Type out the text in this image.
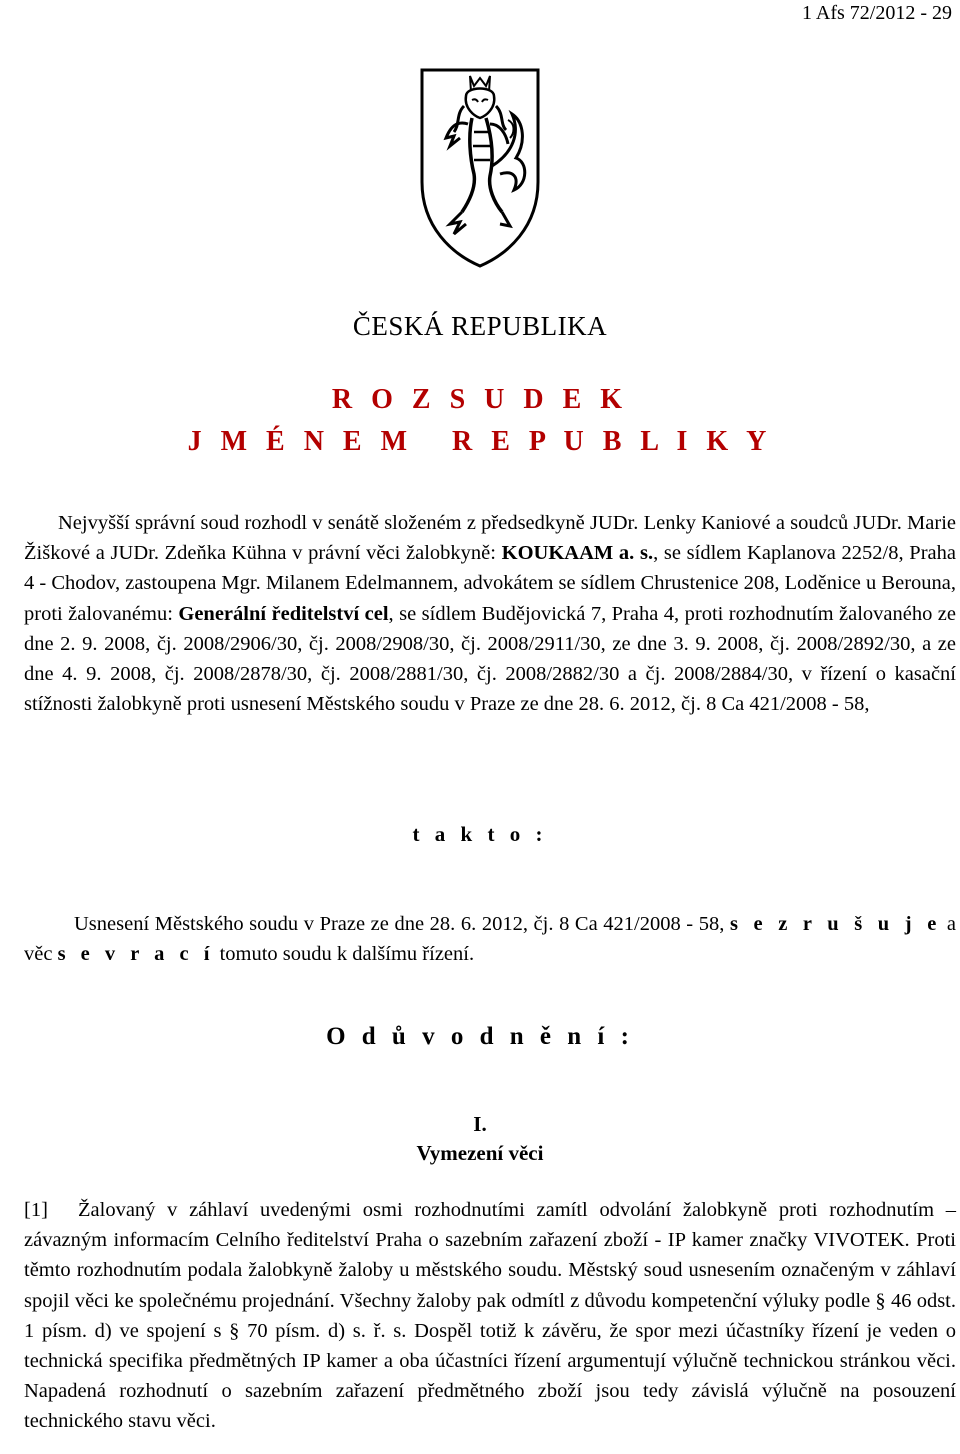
1 Afs 72/2012 - 29
ČESKÁ REPUBLIKA
R O Z S U D E K
J M É N E M   R E P U B L I K Y
Nejvyšší správní soud rozhodl v senátě složeném z předsedkyně JUDr. Lenky Kaniové a soudců JUDr. Marie Žiškové a JUDr. Zdeňka Kühna v právní věci žalobkyně: KOUKAAM a. s., se sídlem Kaplanova 2252/8, Praha 4 - Chodov, zastoupena Mgr. Milanem Edelmannem, advokátem se sídlem Chrustenice 208, Loděnice u Berouna, proti žalovanému: Generální ředitelství cel, se sídlem Budějovická 7, Praha 4, proti rozhodnutím žalovaného ze dne 2. 9. 2008, čj. 2008/2906/30, čj. 2008/2908/30, čj. 2008/2911/30, ze dne 3. 9. 2008, čj. 2008/2892/30, a ze dne 4. 9. 2008, čj. 2008/2878/30, čj. 2008/2881/30, čj. 2008/2882/30 a čj. 2008/2884/30, v řízení o kasační stížnosti žalobkyně proti usnesení Městského soudu v Praze ze dne 28. 6. 2012, čj. 8 Ca 421/2008 - 58,
t a k t o :
Usnesení Městského soudu v Praze ze dne 28. 6. 2012, čj. 8 Ca 421/2008 - 58, s e z r u š u j e a věc s e v r a c í tomuto soudu k dalšímu řízení.
O d ů v o d n ě n í :
I.
Vymezení věci
[1] Žalovaný v záhlaví uvedenými osmi rozhodnutími zamítl odvolání žalobkyně proti rozhodnutím – závazným informacím Celního ředitelství Praha o sazebním zařazení zboží - IP kamer značky VIVOTEK. Proti těmto rozhodnutím podala žalobkyně žaloby u městského soudu. Městský soud usnesením označeným v záhlaví spojil věci ke společnému projednání. Všechny žaloby pak odmítl z důvodu kompetenční výluky podle § 46 odst. 1 písm. d) ve spojení s § 70 písm. d) s. ř. s. Dospěl totiž k závěru, že spor mezi účastníky řízení je veden o technická specifika předmětných IP kamer a oba účastníci řízení argumentují výlučně technickou stránkou věci. Napadená rozhodnutí o sazebním zařazení předmětného zboží jsou tedy závislá výlučně na posouzení technického stavu věci.
